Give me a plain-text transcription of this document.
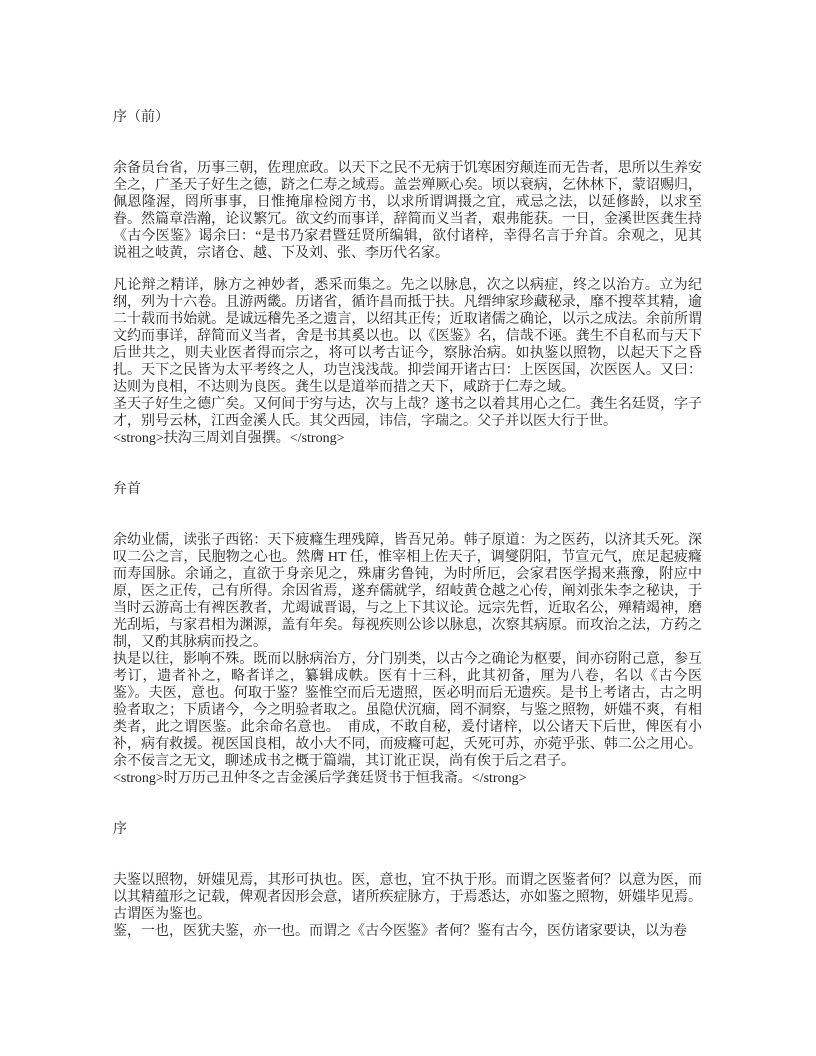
序（前）

余备员台省，历事三朝，佐理庶政。以天下之民不无病于饥寒困穷颠连而无告者，思所以生养安全之，广圣天子好生之德，跻之仁寿之域焉。盖尝殚厥心矣。顷以衰病，乞休林下，蒙诏赐归，佩恩隆渥，罔所事事，日惟掩扉检阅方书，以求所谓调摄之宜，戒忌之法，以延修龄，以求至眷。然篇章浩瀚，论议繁冗。欲文约而事详，辞简而义当者，艰弗能获。一日，金溪世医龚生持《古今医鉴》谒余曰：“是书乃家君暨廷贤所编辑，欲付诸梓，幸得名言于弁首。余观之，见其说祖之岐黄，宗诸仓、越、下及刘、张、李历代名家。

凡论辩之精详，脉方之神妙者，悉采而集之。先之以脉息，次之以病症，终之以治方。立为纪纲，列为十六卷。且游两畿。历诸省，循许昌而抵于扶。凡缙绅家珍藏秘录，靡不搜萃其精，逾二十载而书始就。是诚远稽先圣之遗言，以绍其正传；近取诸儒之确论，以示之成法。余前所谓文约而事详，辞简而义当者，舍是书其奚以也。以《医鉴》名，信哉不诬。龚生不自私而与天下后世共之，则夫业医者得而宗之，将可以考古证今，察脉治病。如执鉴以照物，以起天下之昏扎。天下之民皆为太平考终之人，功岂浅浅哉。抑尝闻开诸古曰：上医医国，次医医人。又曰：达则为良相，不达则为良医。龚生以是道举而措之天下，咸跻于仁寿之域。

圣天子好生之德广矣。又何间于穷与达，次与上哉？遂书之以着其用心之仁。龚生名廷贤，字子才，别号云林，江西金溪人氏。其父西园，讳信，字瑞之。父子并以医大行于世。

<strong>扶沟三周刘自强撰。</strong>

弁首

余幼业儒，读张子西铭：天下疲癃生理残障，皆吾兄弟。韩子原道：为之医药，以济其夭死。深叹二公之言，民胞物之心也。然膺 HT 任，惟宰相上佐天子，调燮阴阳，节宣元气，庶足起疲癃而寿国脉。余诵之，直欲于身亲见之，殊庸劣鲁钝，为时所厄，会家君医学揭来燕豫，附应中原，医之正传，己有所得。余因省焉，遂弃儒就学，绍岐黄仓越之心传，阐刘张朱李之秘诀，于当时云游高士有裨医教者，尤竭诚晋谒，与之上下其议论。远宗先哲，近取名公，殚精竭神，磨光刮垢，与家君相为渊源，盖有年矣。每视疾则公诊以脉息，次察其病原。而攻治之法，方药之制，又酌其脉病而投之。

执是以往，影响不殊。既而以脉病治方，分门别类，以古今之确论为枢要，间亦窃附己意，参互考订，遗者补之，略者详之，纂辑成帙。医有十三科，此其初备，厘为八卷，名以《古今医鉴》。夫医，意也。何取于鉴？鉴惟空而后无遗照，医必明而后无遗疾。是书上考诸古，古之明验者取之；下质诸今，今之明验者取之。虽隐伏沉痼，罔不洞察，与鉴之照物，妍媸不爽，有相类者，此之谓医鉴。此余命名意也。　甫成，不敢自秘，爰付诸梓，以公诸天下后世，俾医有小补，病有救援。视医国良相，故小大不同，而疲癃可起，夭死可苏，亦菀乎张、韩二公之用心。余不佞言之无文，聊述成书之概于篇端，其订讹正误，尚有俟于后之君子。

<strong>时万历己丑仲冬之吉金溪后学龚廷贤书于恒我斋。</strong>

序

夫鉴以照物，妍媸见焉，其形可执也。医，意也，宜不执于形。而谓之医鉴者何？以意为医，而以其精蕴形之记载，俾观者因形会意，诸所疾症脉方，于焉悉达，亦如鉴之照物，妍媸毕见焉。古谓医为鉴也。

鉴，一也，医犹夫鉴，亦一也。而谓之《古今医鉴》者何？鉴有古今，医仿诸家要诀，以为卷
